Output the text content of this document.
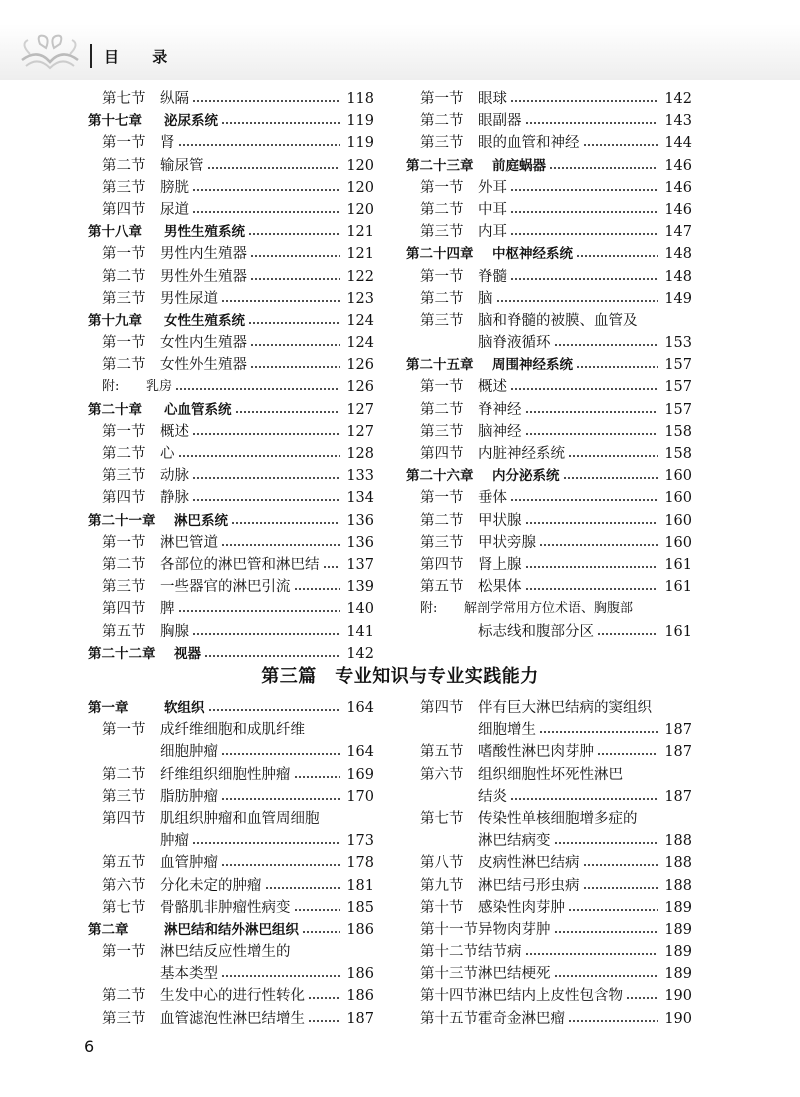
目 录
第七节 纵隔	118
第十七章 泌尿系统	119
第一节 肾	119
第二节 输尿管	120
第三节 膀胱	120
第四节 尿道	120
第十八章 男性生殖系统	121
第一节 男性内生殖器	121
第二节 男性外生殖器	122
第三节 男性尿道	123
第十九章 女性生殖系统	124
第一节 女性内生殖器	124
第二节 女性外生殖器	126
附: 乳房	126
第二十章 心血管系统	127
第一节 概述	127
第二节 心	128
第三节 动脉	133
第四节 静脉	134
第二十一章 淋巴系统	136
第一节 淋巴管道	136
第二节 各部位的淋巴管和淋巴结 137
第三节 一些器官的淋巴引流	139
第四节 脾	140
第五节 胸腺	141
第二十二章 视器	142
第一节 眼球	142
第二节 眼副器	143
第三节 眼的血管和神经	144
第二十三章 前庭蜗器	146
第一节 外耳	146
第二节 中耳	146
第三节 内耳	147
第二十四章 中枢神经系统	148
第一节 脊髓	148
第二节 脑	149
第三节 脑和脊髓的被膜、血管及
脑脊液循环	153
第二十五章 周围神经系统	157
第一节 概述	157
第二节 脊神经	157
第三节 脑神经	158
第四节 内脏神经系统	158
第二十六章 内分泌系统	160
第一节 垂体	160
第二节 甲状腺	160
第三节 甲状旁腺	160
第四节 肾上腺	161
第五节 松果体	161
附: 解剖学常用方位术语、胸腹部
标志线和腹部分区	161
第三篇　专业知识与专业实践能力
第一章	软组织	164
第一节 成纤维细胞和成肌纤维
细胞肿瘤	164
第二节 纤维组织细胞性肿瘤	169
第三节 脂肪肿瘤	170
第四节 肌组织肿瘤和血管周细胞
肿瘤	173
第五节 血管肿瘤	178
第六节 分化未定的肿瘤	181
第七节 骨骼肌非肿瘤性病变	185
第二章	淋巴结和结外淋巴组织	186
第一节 淋巴结反应性增生的
基本类型	186
第二节 生发中心的进行性转化	186
第三节 血管滤泡性淋巴结增生	187
第四节 伴有巨大淋巴结病的窦组织
细胞增生	187
第五节 嗜酸性淋巴肉芽肿	187
第六节 组织细胞性坏死性淋巴
结炎	187
第七节 传染性单核细胞增多症的
淋巴结病变	188
第八节 皮病性淋巴结病	188
第九节 淋巴结弓形虫病	188
第十节 感染性肉芽肿	189
第十一节 异物肉芽肿	189
第十二节 结节病	189
第十三节 淋巴结梗死	189
第十四节 淋巴结内上皮性包含物	190
第十五节 霍奇金淋巴瘤	190
6
